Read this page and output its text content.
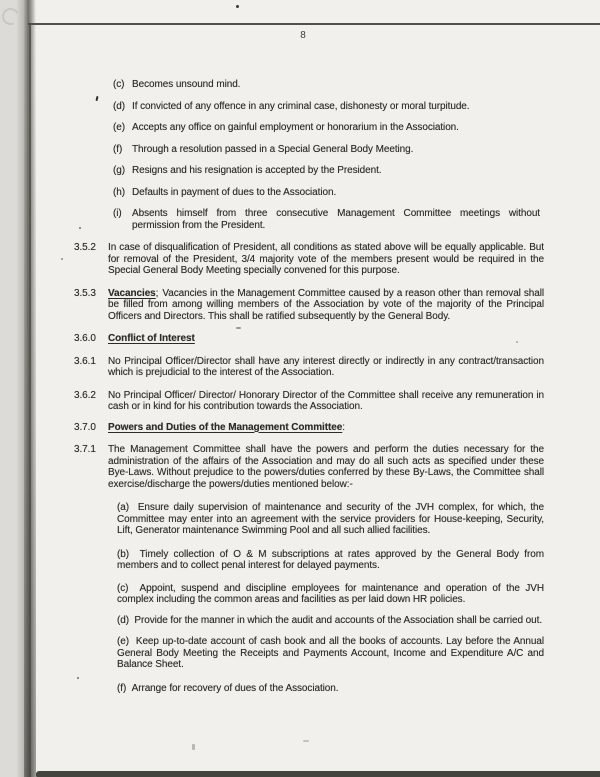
8
(c) Becomes unsound mind.
(d) If convicted of any offence in any criminal case, dishonesty or moral turpitude.
(e) Accepts any office on gainful employment or honorarium in the Association.
(f) Through a resolution passed in a Special General Body Meeting.
(g) Resigns and his resignation is accepted by the President.
(h) Defaults in payment of dues to the Association.
(i)	Absents himself from three consecutive Management Committee meetings without permission from the President.
3.5.2	In case of disqualification of President, all conditions as stated above will be equally applicable. But for removal of the President, 3/4 majority vote of the members present would be required in the Special General Body Meeting specially convened for this purpose.
3.5.3	Vacancies; Vacancies in the Management Committee caused by a reason other than removal shall be filled from among willing members of the Association by vote of the majority of the Principal Officers and Directors. This shall be ratified subsequently by the General Body.
3.6.0	Conflict of Interest
3.6.1	No Principal Officer/Director shall have any interest directly or indirectly in any contract/transaction which is prejudicial to the interest of the Association.
3.6.2	No Principal Officer/ Director/ Honorary Director of the Committee shall receive any remuneration in cash or in kind for his contribution towards the Association.
3.7.0	Powers and Duties of the Management Committee:
3.7.1	The Management Committee shall have the powers and perform the duties necessary for the administration of the affairs of the Association and may do all such acts as specified under these Bye-Laws. Without prejudice to the powers/duties conferred by these By-Laws, the Committee shall exercise/discharge the powers/duties mentioned below:-
(a) Ensure daily supervision of maintenance and security of the JVH complex, for which, the Committee may enter into an agreement with the service providers for House-keeping, Security, Lift, Generator maintenance Swimming Pool and all such allied facilities.
(b) Timely collection of O & M subscriptions at rates approved by the General Body from members and to collect penal interest for delayed payments.
(c) Appoint, suspend and discipline employees for maintenance and operation of the JVH complex including the common areas and facilities as per laid down HR policies.
(d) Provide for the manner in which the audit and accounts of the Association shall be carried out.
(e) Keep up-to-date account of cash book and all the books of accounts. Lay before the Annual General Body Meeting the Receipts and Payments Account, Income and Expenditure A/C and Balance Sheet.
(f) Arrange for recovery of dues of the Association.
